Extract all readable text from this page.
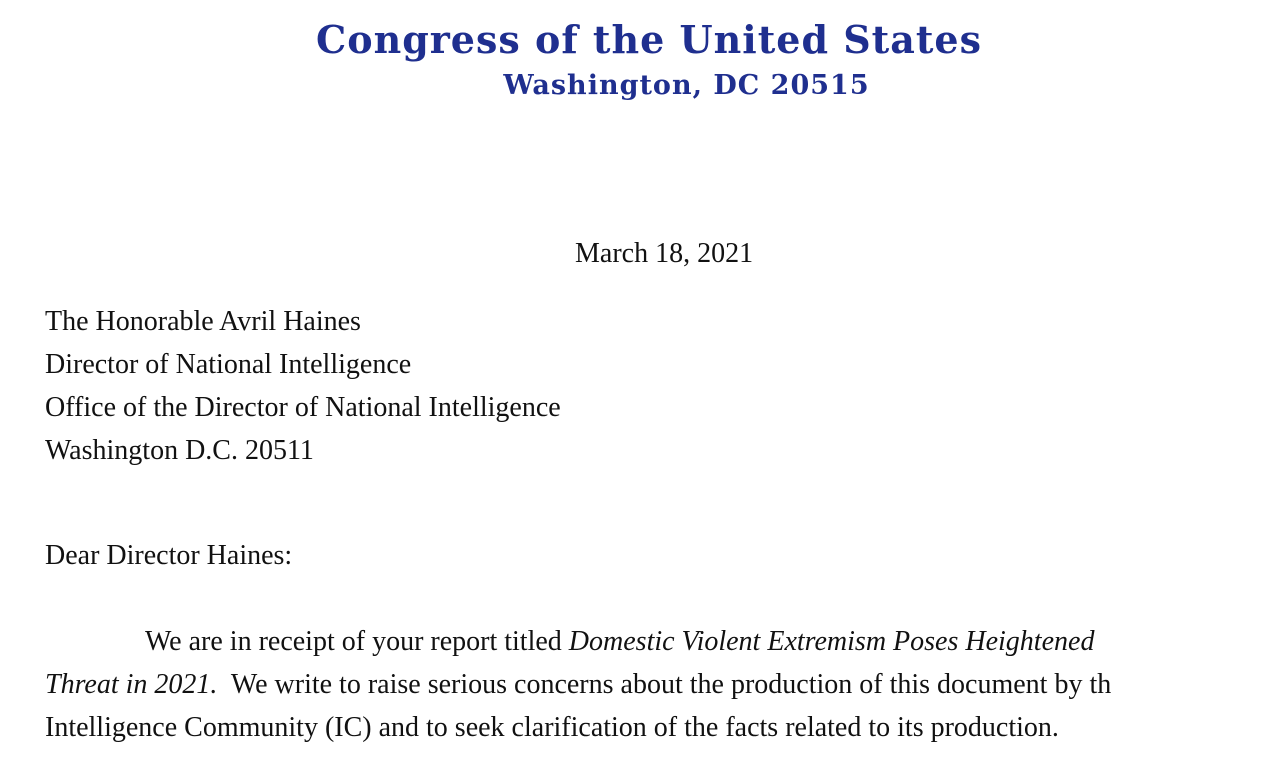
Congress of the United States
Washington, DC 20515
March 18, 2021
The Honorable Avril Haines
Director of National Intelligence
Office of the Director of National Intelligence
Washington D.C. 20511
Dear Director Haines:
We are in receipt of your report titled Domestic Violent Extremism Poses Heightened
Threat in 2021.  We write to raise serious concerns about the production of this document by th
Intelligence Community (IC) and to seek clarification of the facts related to its production.
